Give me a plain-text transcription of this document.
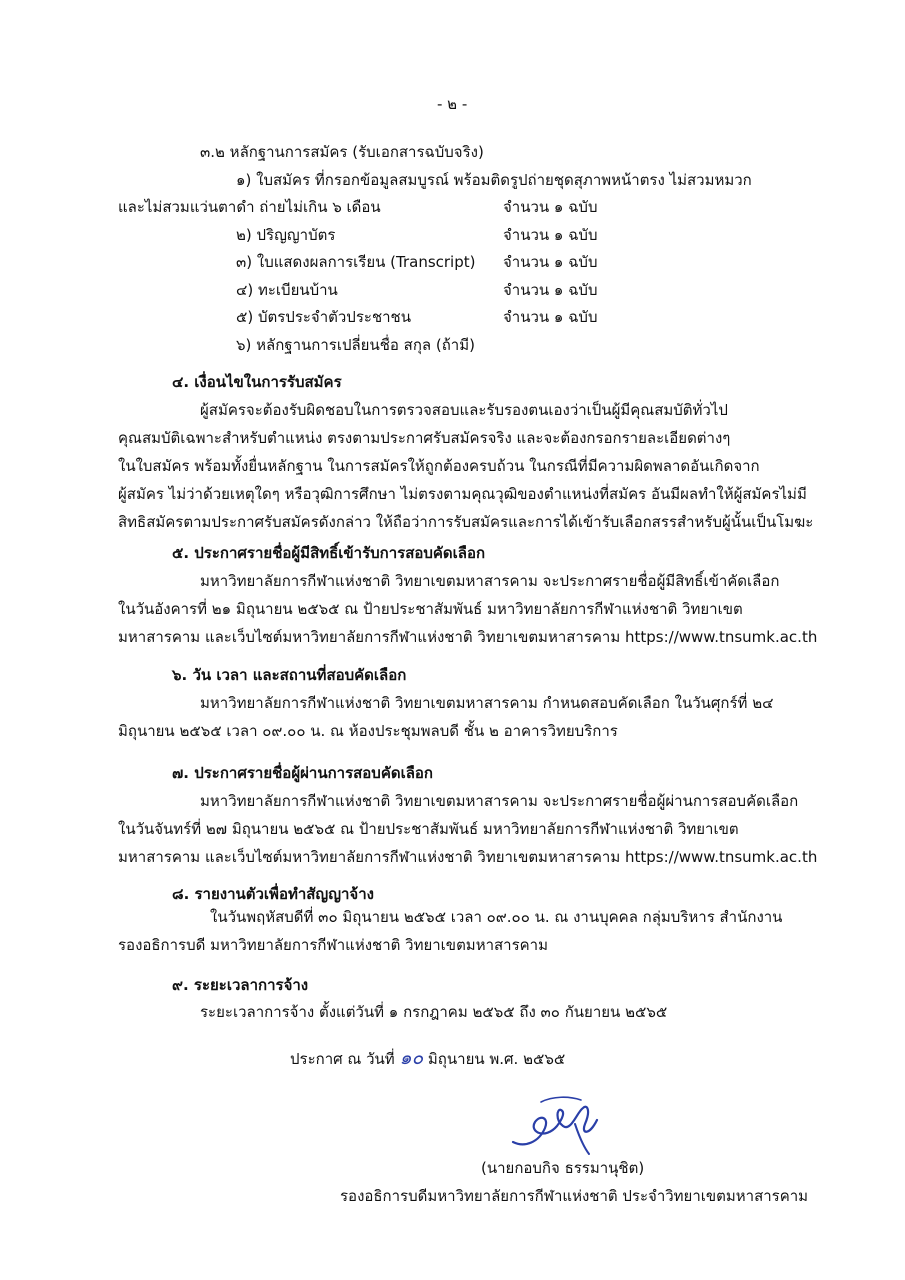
- ๒ -
๓.๒ หลักฐานการสมัคร (รับเอกสารฉบับจริง)
๑) ใบสมัคร ที่กรอกข้อมูลสมบูรณ์ พร้อมติดรูปถ่ายชุดสุภาพหน้าตรง ไม่สวมหมวก
และไม่สวมแว่นตาดำ ถ่ายไม่เกิน ๖ เดือน	จำนวน ๑ ฉบับ
๒) ปริญญาบัตร	จำนวน ๑ ฉบับ
๓) ใบแสดงผลการเรียน (Transcript) จำนวน ๑ ฉบับ
๔) ทะเบียนบ้าน	จำนวน ๑ ฉบับ
๕) บัตรประจำตัวประชาชน	จำนวน ๑ ฉบับ
๖) หลักฐานการเปลี่ยนชื่อ สกุล (ถ้ามี)
๔. เงื่อนไขในการรับสมัคร
ผู้สมัครจะต้องรับผิดชอบในการตรวจสอบและรับรองตนเองว่าเป็นผู้มีคุณสมบัติทั่วไป
คุณสมบัติเฉพาะสำหรับตำแหน่ง ตรงตามประกาศรับสมัครจริง และจะต้องกรอกรายละเอียดต่างๆ
ในใบสมัคร พร้อมทั้งยื่นหลักฐาน ในการสมัครให้ถูกต้องครบถ้วน ในกรณีที่มีความผิดพลาดอันเกิดจาก
ผู้สมัคร ไม่ว่าด้วยเหตุใดๆ หรือวุฒิการศึกษา ไม่ตรงตามคุณวุฒิของตำแหน่งที่สมัคร อันมีผลทำให้ผู้สมัครไม่มี
สิทธิสมัครตามประกาศรับสมัครดังกล่าว ให้ถือว่าการรับสมัครและการได้เข้ารับเลือกสรรสำหรับผู้นั้นเป็นโมฆะ
๕. ประกาศรายชื่อผู้มีสิทธิ์เข้ารับการสอบคัดเลือก
มหาวิทยาลัยการกีฬาแห่งชาติ วิทยาเขตมหาสารคาม จะประกาศรายชื่อผู้มีสิทธิ์เข้าคัดเลือก
ในวันอังคารที่ ๒๑ มิถุนายน ๒๕๖๕ ณ ป้ายประชาสัมพันธ์ มหาวิทยาลัยการกีฬาแห่งชาติ วิทยาเขต
มหาสารคาม และเว็บไซต์มหาวิทยาลัยการกีฬาแห่งชาติ วิทยาเขตมหาสารคาม https://www.tnsumk.ac.th
๖. วัน เวลา และสถานที่สอบคัดเลือก
มหาวิทยาลัยการกีฬาแห่งชาติ วิทยาเขตมหาสารคาม กำหนดสอบคัดเลือก ในวันศุกร์ที่ ๒๔
มิถุนายน ๒๕๖๕ เวลา ๐๙.๐๐ น. ณ ห้องประชุมพลบดี ชั้น ๒ อาคารวิทยบริการ
๗. ประกาศรายชื่อผู้ผ่านการสอบคัดเลือก
มหาวิทยาลัยการกีฬาแห่งชาติ วิทยาเขตมหาสารคาม จะประกาศรายชื่อผู้ผ่านการสอบคัดเลือก
ในวันจันทร์ที่ ๒๗ มิถุนายน ๒๕๖๕ ณ ป้ายประชาสัมพันธ์ มหาวิทยาลัยการกีฬาแห่งชาติ วิทยาเขต
มหาสารคาม และเว็บไซต์มหาวิทยาลัยการกีฬาแห่งชาติ วิทยาเขตมหาสารคาม https://www.tnsumk.ac.th
๘. รายงานตัวเพื่อทำสัญญาจ้าง
ในวันพฤหัสบดีที่ ๓๐ มิถุนายน ๒๕๖๕ เวลา ๐๙.๐๐ น. ณ งานบุคคล กลุ่มบริหาร สำนักงาน
รองอธิการบดี มหาวิทยาลัยการกีฬาแห่งชาติ วิทยาเขตมหาสารคาม
๙. ระยะเวลาการจ้าง
ระยะเวลาการจ้าง ตั้งแต่วันที่ ๑ กรกฎาคม ๒๕๖๕ ถึง ๓๐ กันยายน ๒๕๖๕
ประกาศ ณ วันที่ ๑๐ มิถุนายน พ.ศ. ๒๕๖๕
(นายกอบกิจ ธรรมานุชิต)
รองอธิการบดีมหาวิทยาลัยการกีฬาแห่งชาติ ประจำวิทยาเขตมหาสารคาม
